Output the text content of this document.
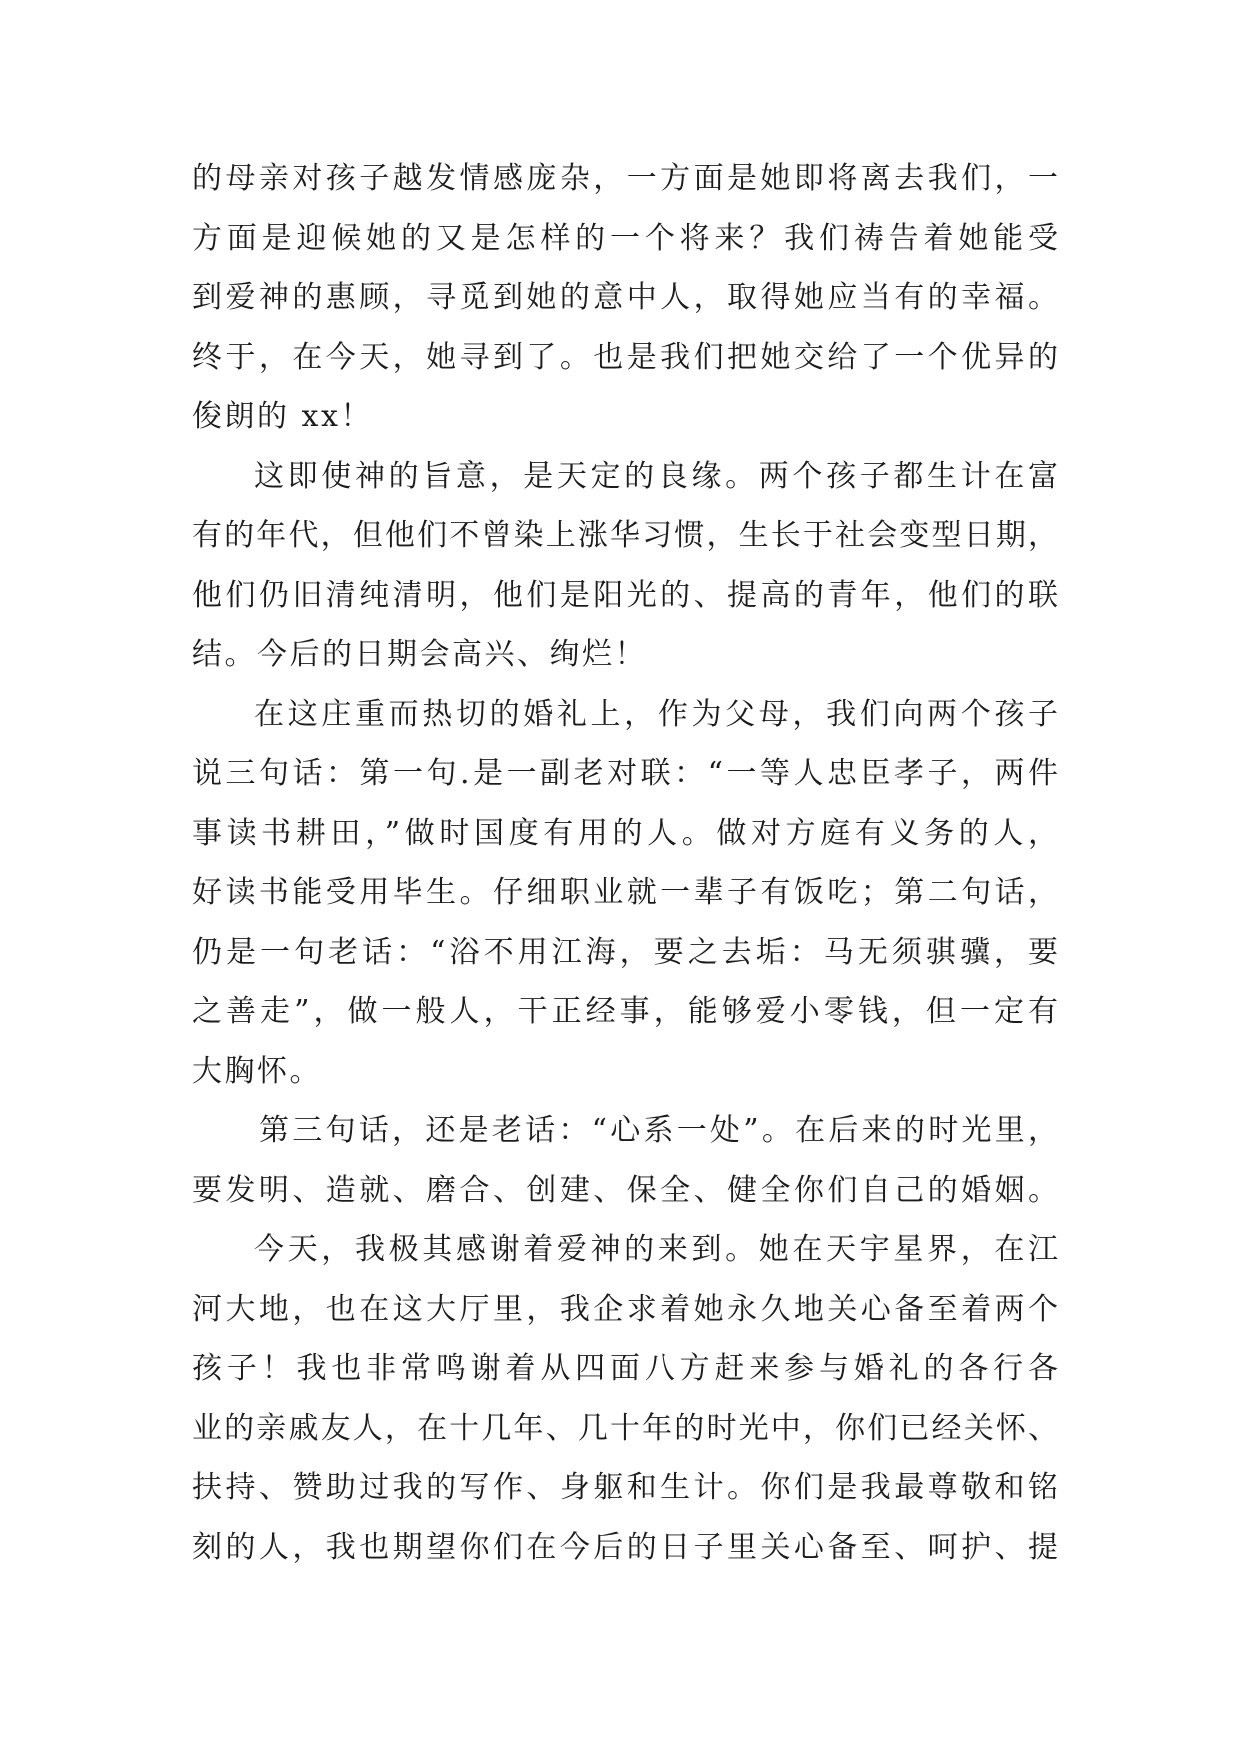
的母亲对孩子越发情感庞杂，一方面是她即将离去我们，一
方面是迎候她的又是怎样的一个将来？我们祷告着她能受
到爱神的惠顾，寻觅到她的意中人，取得她应当有的幸福。
终于，在今天，她寻到了。也是我们把她交给了一个优异的
俊朗的 xx！
这即使神的旨意，是天定的良缘。两个孩子都生计在富
有的年代，但他们不曾染上涨华习惯，生长于社会变型日期，
他们仍旧清纯清明，他们是阳光的、提高的青年，他们的联
结。今后的日期会高兴、绚烂！
在这庄重而热切的婚礼上，作为父母，我们向两个孩子
说三句话：第一句.是一副老对联：“一等人忠臣孝子，两件
事读书耕田，”做时国度有用的人。做对方庭有义务的人，
好读书能受用毕生。仔细职业就一辈子有饭吃；第二句话，
仍是一句老话：“浴不用江海，要之去垢：马无须骐骥，要
之善走”，做一般人，干正经事，能够爱小零钱，但一定有
大胸怀。
第三句话，还是老话：“心系一处”。在后来的时光里，
要发明、造就、磨合、创建、保全、健全你们自己的婚姻。
今天，我极其感谢着爱神的来到。她在天宇星界，在江
河大地，也在这大厅里，我企求着她永久地关心备至着两个
孩子！我也非常鸣谢着从四面八方赶来参与婚礼的各行各
业的亲戚友人，在十几年、几十年的时光中，你们已经关怀、
扶持、赞助过我的写作、身躯和生计。你们是我最尊敬和铭
刻的人，我也期望你们在今后的日子里关心备至、呵护、提
